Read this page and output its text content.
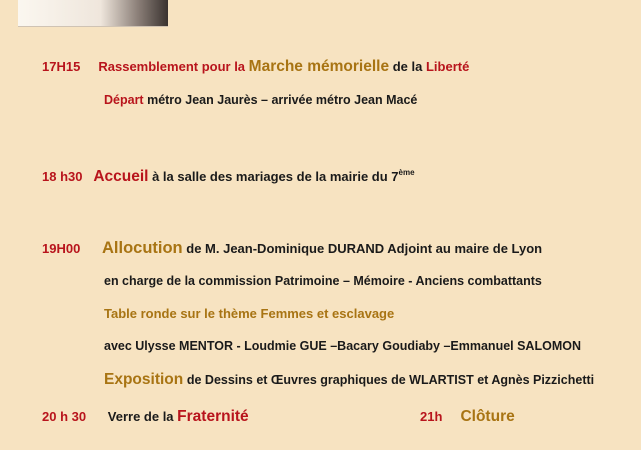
17H15 Rassemblement pour la Marche mémorielle de la Liberté
Départ métro Jean Jaurès – arrivée métro Jean Macé
18 h30 Accueil à la salle des mariages de la mairie du 7ème
19H00 Allocution de M. Jean-Dominique DURAND Adjoint au maire de Lyon
en charge de la commission Patrimoine – Mémoire - Anciens combattants
Table ronde sur le thème Femmes et esclavage
avec Ulysse MENTOR - Loudmie GUE –Bacary Goudiaby –Emmanuel SALOMON
Exposition de Dessins et Œuvres graphiques de WLARTIST et Agnès Pizzichetti
20 h 30 Verre de la Fraternité	21h Clôture
